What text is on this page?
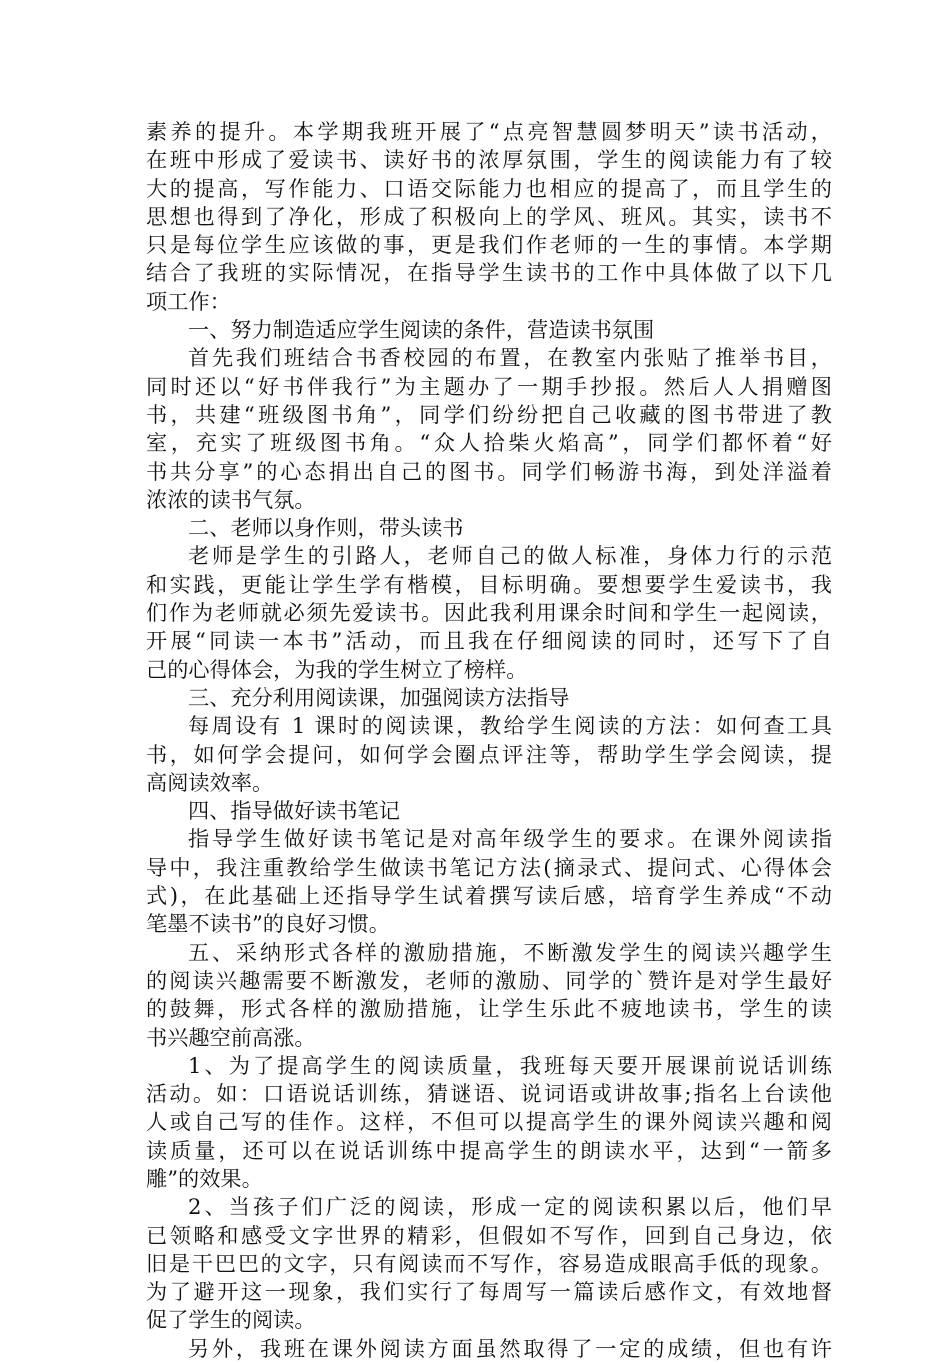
素养的提升。本学期我班开展了“点亮智慧圆梦明天”读书活动，
在班中形成了爱读书、读好书的浓厚氛围，学生的阅读能力有了较
大的提高，写作能力、口语交际能力也相应的提高了，而且学生的
思想也得到了净化，形成了积极向上的学风、班风。其实，读书不
只是每位学生应该做的事，更是我们作老师的一生的事情。本学期
结合了我班的实际情况，在指导学生读书的工作中具体做了以下几
项工作：
一、努力制造适应学生阅读的条件，营造读书氛围
首先我们班结合书香校园的布置，在教室内张贴了推举书目，
同时还以“好书伴我行”为主题办了一期手抄报。然后人人捐赠图
书，共建“班级图书角”，同学们纷纷把自己收藏的图书带进了教
室，充实了班级图书角。“众人拾柴火焰高”，同学们都怀着“好
书共分享”的心态捐出自己的图书。同学们畅游书海，到处洋溢着
浓浓的读书气氛。
二、老师以身作则，带头读书
老师是学生的引路人，老师自己的做人标准，身体力行的示范
和实践，更能让学生学有楷模，目标明确。要想要学生爱读书，我
们作为老师就必须先爱读书。因此我利用课余时间和学生一起阅读，
开展“同读一本书”活动，而且我在仔细阅读的同时，还写下了自
己的心得体会，为我的学生树立了榜样。
三、充分利用阅读课，加强阅读方法指导
每周设有 1 课时的阅读课，教给学生阅读的方法：如何查工具
书，如何学会提问，如何学会圈点评注等，帮助学生学会阅读，提
高阅读效率。
四、指导做好读书笔记
指导学生做好读书笔记是对高年级学生的要求。在课外阅读指
导中，我注重教给学生做读书笔记方法(摘录式、提问式、心得体会
式)，在此基础上还指导学生试着撰写读后感，培育学生养成“不动
笔墨不读书”的良好习惯。
五、采纳形式各样的激励措施，不断激发学生的阅读兴趣学生
的阅读兴趣需要不断激发，老师的激励、同学的`赞许是对学生最好
的鼓舞，形式各样的激励措施，让学生乐此不疲地读书，学生的读
书兴趣空前高涨。
1、为了提高学生的阅读质量，我班每天要开展课前说话训练
活动。如：口语说话训练，猜谜语、说词语或讲故事;指名上台读他
人或自己写的佳作。这样，不但可以提高学生的课外阅读兴趣和阅
读质量，还可以在说话训练中提高学生的朗读水平，达到“一箭多
雕”的效果。
2、当孩子们广泛的阅读，形成一定的阅读积累以后，他们早
已领略和感受文字世界的精彩，但假如不写作，回到自己身边，依
旧是干巴巴的文字，只有阅读而不写作，容易造成眼高手低的现象。
为了避开这一现象，我们实行了每周写一篇读后感作文，有效地督
促了学生的阅读。
另外，我班在课外阅读方面虽然取得了一定的成绩，但也有许
